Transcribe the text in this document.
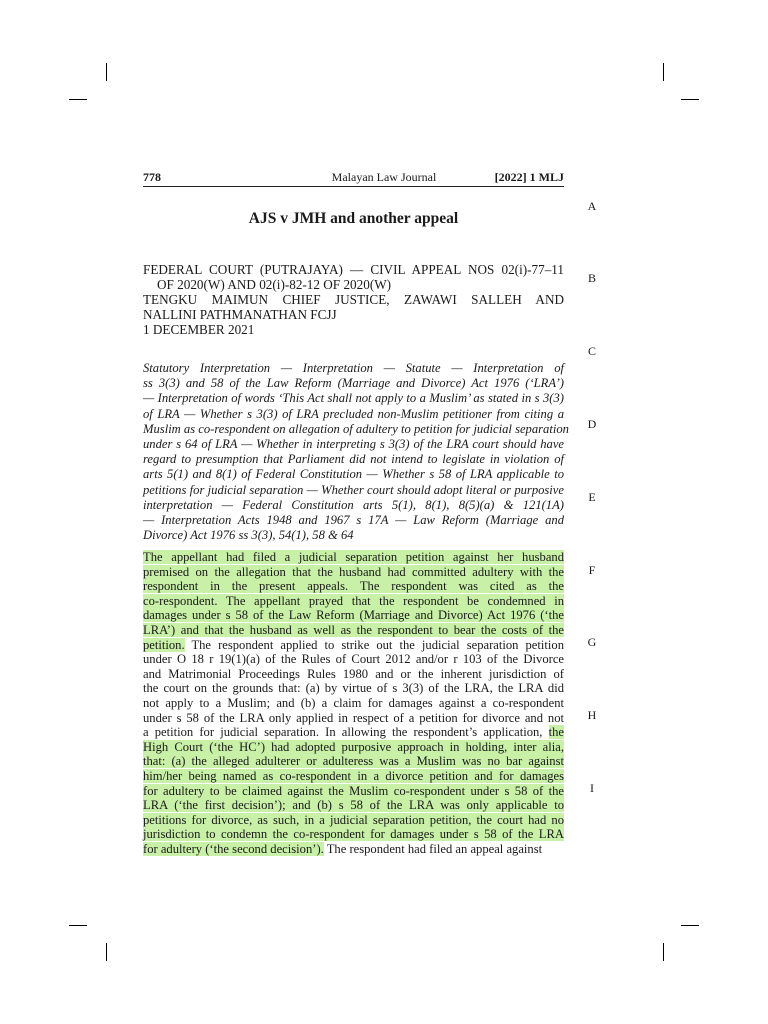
778	Malayan Law Journal	[2022] 1 MLJ
AJS v JMH and another appeal
FEDERAL COURT (PUTRAJAYA) — CIVIL APPEAL NOS 02(i)-77–11
OF 2020(W) AND 02(i)-82-12 OF 2020(W)
TENGKU MAIMUN CHIEF JUSTICE, ZAWAWI SALLEH AND
NALLINI PATHMANATHAN FCJJ
1 DECEMBER 2021
Statutory Interpretation — Interpretation — Statute — Interpretation of
ss 3(3) and 58 of the Law Reform (Marriage and Divorce) Act 1976 (‘LRA’)
— Interpretation of words ‘This Act shall not apply to a Muslim’ as stated in s 3(3)
of LRA — Whether s 3(3) of LRA precluded non-Muslim petitioner from citing a
Muslim as co-respondent on allegation of adultery to petition for judicial separation
under s 64 of LRA — Whether in interpreting s 3(3) of the LRA court should have
regard to presumption that Parliament did not intend to legislate in violation of
arts 5(1) and 8(1) of Federal Constitution — Whether s 58 of LRA applicable to
petitions for judicial separation — Whether court should adopt literal or purposive
interpretation — Federal Constitution arts 5(1), 8(1), 8(5)(a) & 121(1A)
— Interpretation Acts 1948 and 1967 s 17A — Law Reform (Marriage and
Divorce) Act 1976 ss 3(3), 54(1), 58 & 64
The appellant had filed a judicial separation petition against her husband
premised on the allegation that the husband had committed adultery with the
respondent in the present appeals. The respondent was cited as the
co-respondent. The appellant prayed that the respondent be condemned in
damages under s 58 of the Law Reform (Marriage and Divorce) Act 1976 (‘the
LRA’) and that the husband as well as the respondent to bear the costs of the
petition. The respondent applied to strike out the judicial separation petition
under O 18 r 19(1)(a) of the Rules of Court 2012 and/or r 103 of the Divorce
and Matrimonial Proceedings Rules 1980 and or the inherent jurisdiction of
the court on the grounds that: (a) by virtue of s 3(3) of the LRA, the LRA did
not apply to a Muslim; and (b) a claim for damages against a co-respondent
under s 58 of the LRA only applied in respect of a petition for divorce and not
a petition for judicial separation. In allowing the respondent’s application, the
High Court (‘the HC’) had adopted purposive approach in holding, inter alia,
that: (a) the alleged adulterer or adulteress was a Muslim was no bar against
him/her being named as co-respondent in a divorce petition and for damages
for adultery to be claimed against the Muslim co-respondent under s 58 of the
LRA (‘the first decision’); and (b) s 58 of the LRA was only applicable to
petitions for divorce, as such, in a judicial separation petition, the court had no
jurisdiction to condemn the co-respondent for damages under s 58 of the LRA
for adultery (‘the second decision’). The respondent had filed an appeal against
A
B
C
D
E
F
G
H
I
